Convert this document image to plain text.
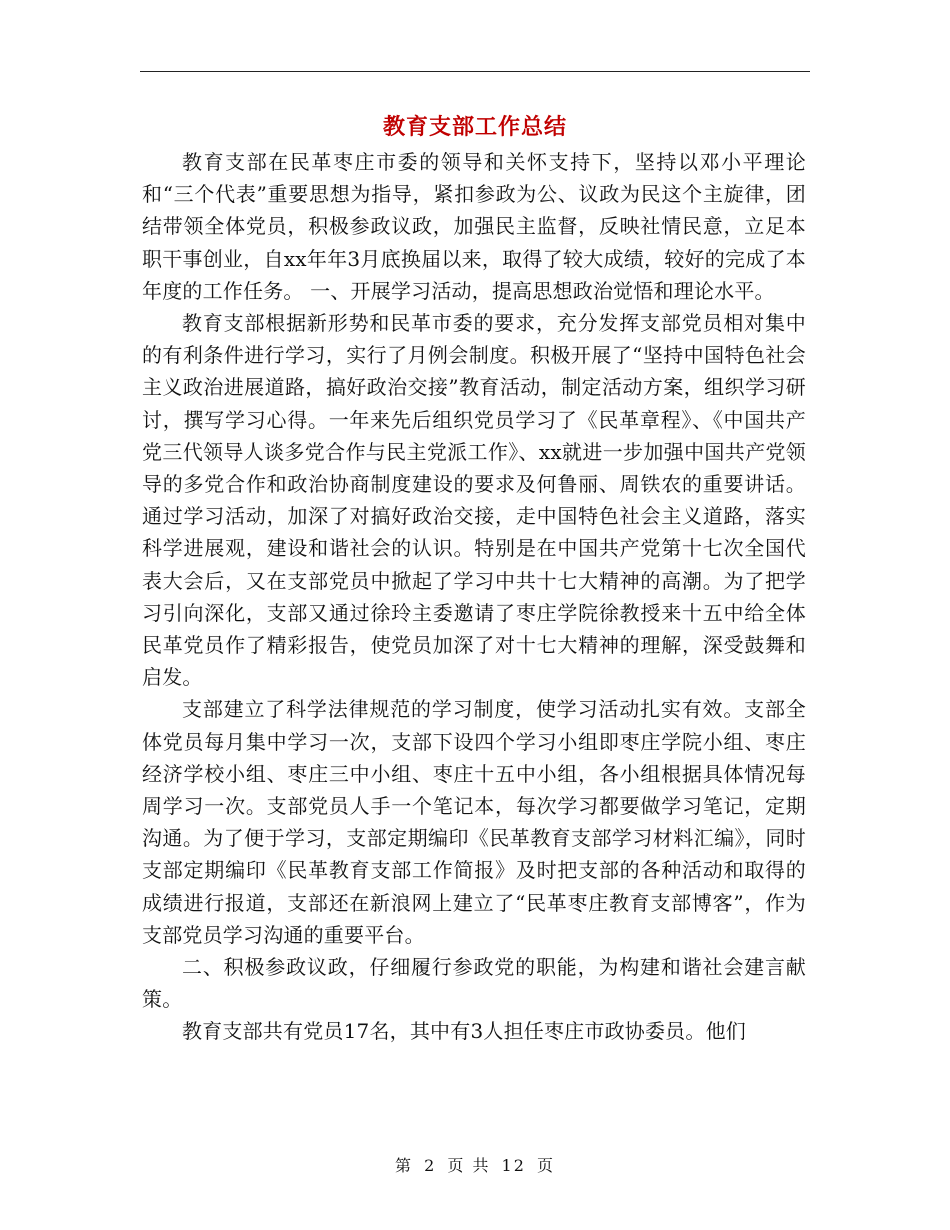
教育支部工作总结

教育支部在民革枣庄市委的领导和关怀支持下，坚持以邓小平理论和“三个代表”重要思想为指导，紧扣参政为公、议政为民这个主旋律，团结带领全体党员，积极参政议政，加强民主监督，反映社情民意，立足本职干事创业，自xx年年3月底换届以来，取得了较大成绩，较好的完成了本年度的工作任务。 一、开展学习活动，提高思想政治觉悟和理论水平。

教育支部根据新形势和民革市委的要求，充分发挥支部党员相对集中的有利条件进行学习，实行了月例会制度。积极开展了“坚持中国特色社会主义政治进展道路，搞好政治交接”教育活动，制定活动方案，组织学习研讨，撰写学习心得。一年来先后组织党员学习了《民革章程》、《中国共产党三代领导人谈多党合作与民主党派工作》、xx就进一步加强中国共产党领导的多党合作和政治协商制度建设的要求及何鲁丽、周铁农的重要讲话。通过学习活动，加深了对搞好政治交接，走中国特色社会主义道路，落实科学进展观，建设和谐社会的认识。特别是在中国共产党第十七次全国代表大会后，又在支部党员中掀起了学习中共十七大精神的高潮。为了把学习引向深化，支部又通过徐玲主委邀请了枣庄学院徐教授来十五中给全体民革党员作了精彩报告，使党员加深了对十七大精神的理解，深受鼓舞和启发。

支部建立了科学法律规范的学习制度，使学习活动扎实有效。支部全体党员每月集中学习一次，支部下设四个学习小组即枣庄学院小组、枣庄经济学校小组、枣庄三中小组、枣庄十五中小组，各小组根据具体情况每周学习一次。支部党员人手一个笔记本，每次学习都要做学习笔记，定期沟通。为了便于学习，支部定期编印《民革教育支部学习材料汇编》，同时支部定期编印《民革教育支部工作简报》及时把支部的各种活动和取得的成绩进行报道，支部还在新浪网上建立了“民革枣庄教育支部博客”，作为支部党员学习沟通的重要平台。

二、积极参政议政，仔细履行参政党的职能，为构建和谐社会建言献策。

教育支部共有党员17名，其中有3人担任枣庄市政协委员。他们

第 2 页 共 12 页
